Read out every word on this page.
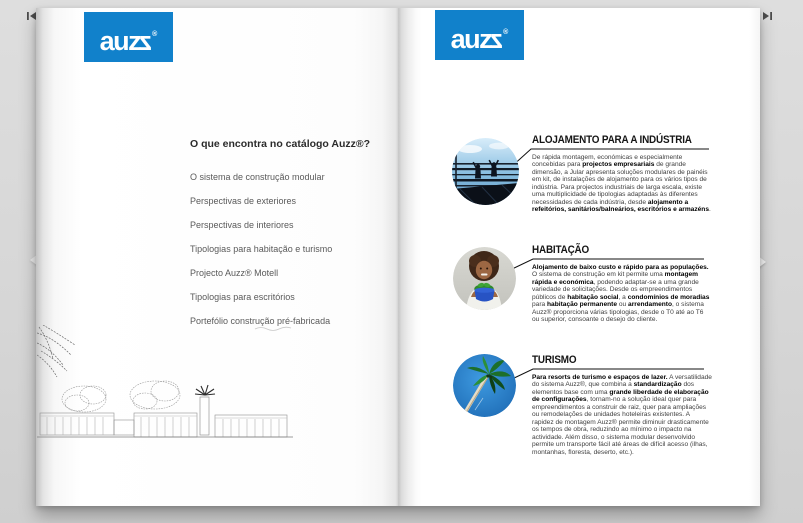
auzz®
O que encontra no catálogo Auzz®?
O sistema de construção modular
Perspectivas de exteriores
Perspectivas de interiores
Tipologias para habitação e turismo
Projecto Auzz® Motell
Tipologias para escritórios
Portefólio construção pré-fabricada
auzz®
ALOJAMENTO PARA A INDÚSTRIA

De rápida montagem, económicas e especialmente concebidas para projectos empresariais de grande dimensão, a Jular apresenta soluções modulares de painéis em kit, de instalações de alojamento para os vários tipos de indústria. Para projectos industriais de larga escala, existe uma multiplicidade de tipologias adaptadas às diferentes necessidades de cada indústria, desde alojamento a refeitórios, sanitários/balneários, escritórios e armazéns.

HABITAÇÃO

Alojamento de baixo custo e rápido para as populações. O sistema de construção em kit permite uma montagem rápida e económica, podendo adaptar-se a uma grande variedade de solicitações. Desde os empreendimentos públicos de habitação social, a condomínios de moradias para habitação permanente ou arrendamento, o sistema Auzz® proporciona várias tipologias, desde o T0 até ao T6 ou superior, consoante o desejo do cliente.

TURISMO

Para resorts de turismo e espaços de lazer. A versatilidade do sistema Auzz®, que combina a standardização dos elementos base com uma grande liberdade de elaboração de configurações, tornam-no a solução ideal quer para empreendimentos a construir de raiz, quer para ampliações ou remodelações de unidades hoteleiras existentes. A rapidez de montagem Auzz® permite diminuir drasticamente os tempos de obra, reduzindo ao mínimo o impacto na actividade. Além disso, o sistema modular desenvolvido permite um transporte fácil até áreas de difícil acesso (ilhas, montanhas, floresta, deserto, etc.).
